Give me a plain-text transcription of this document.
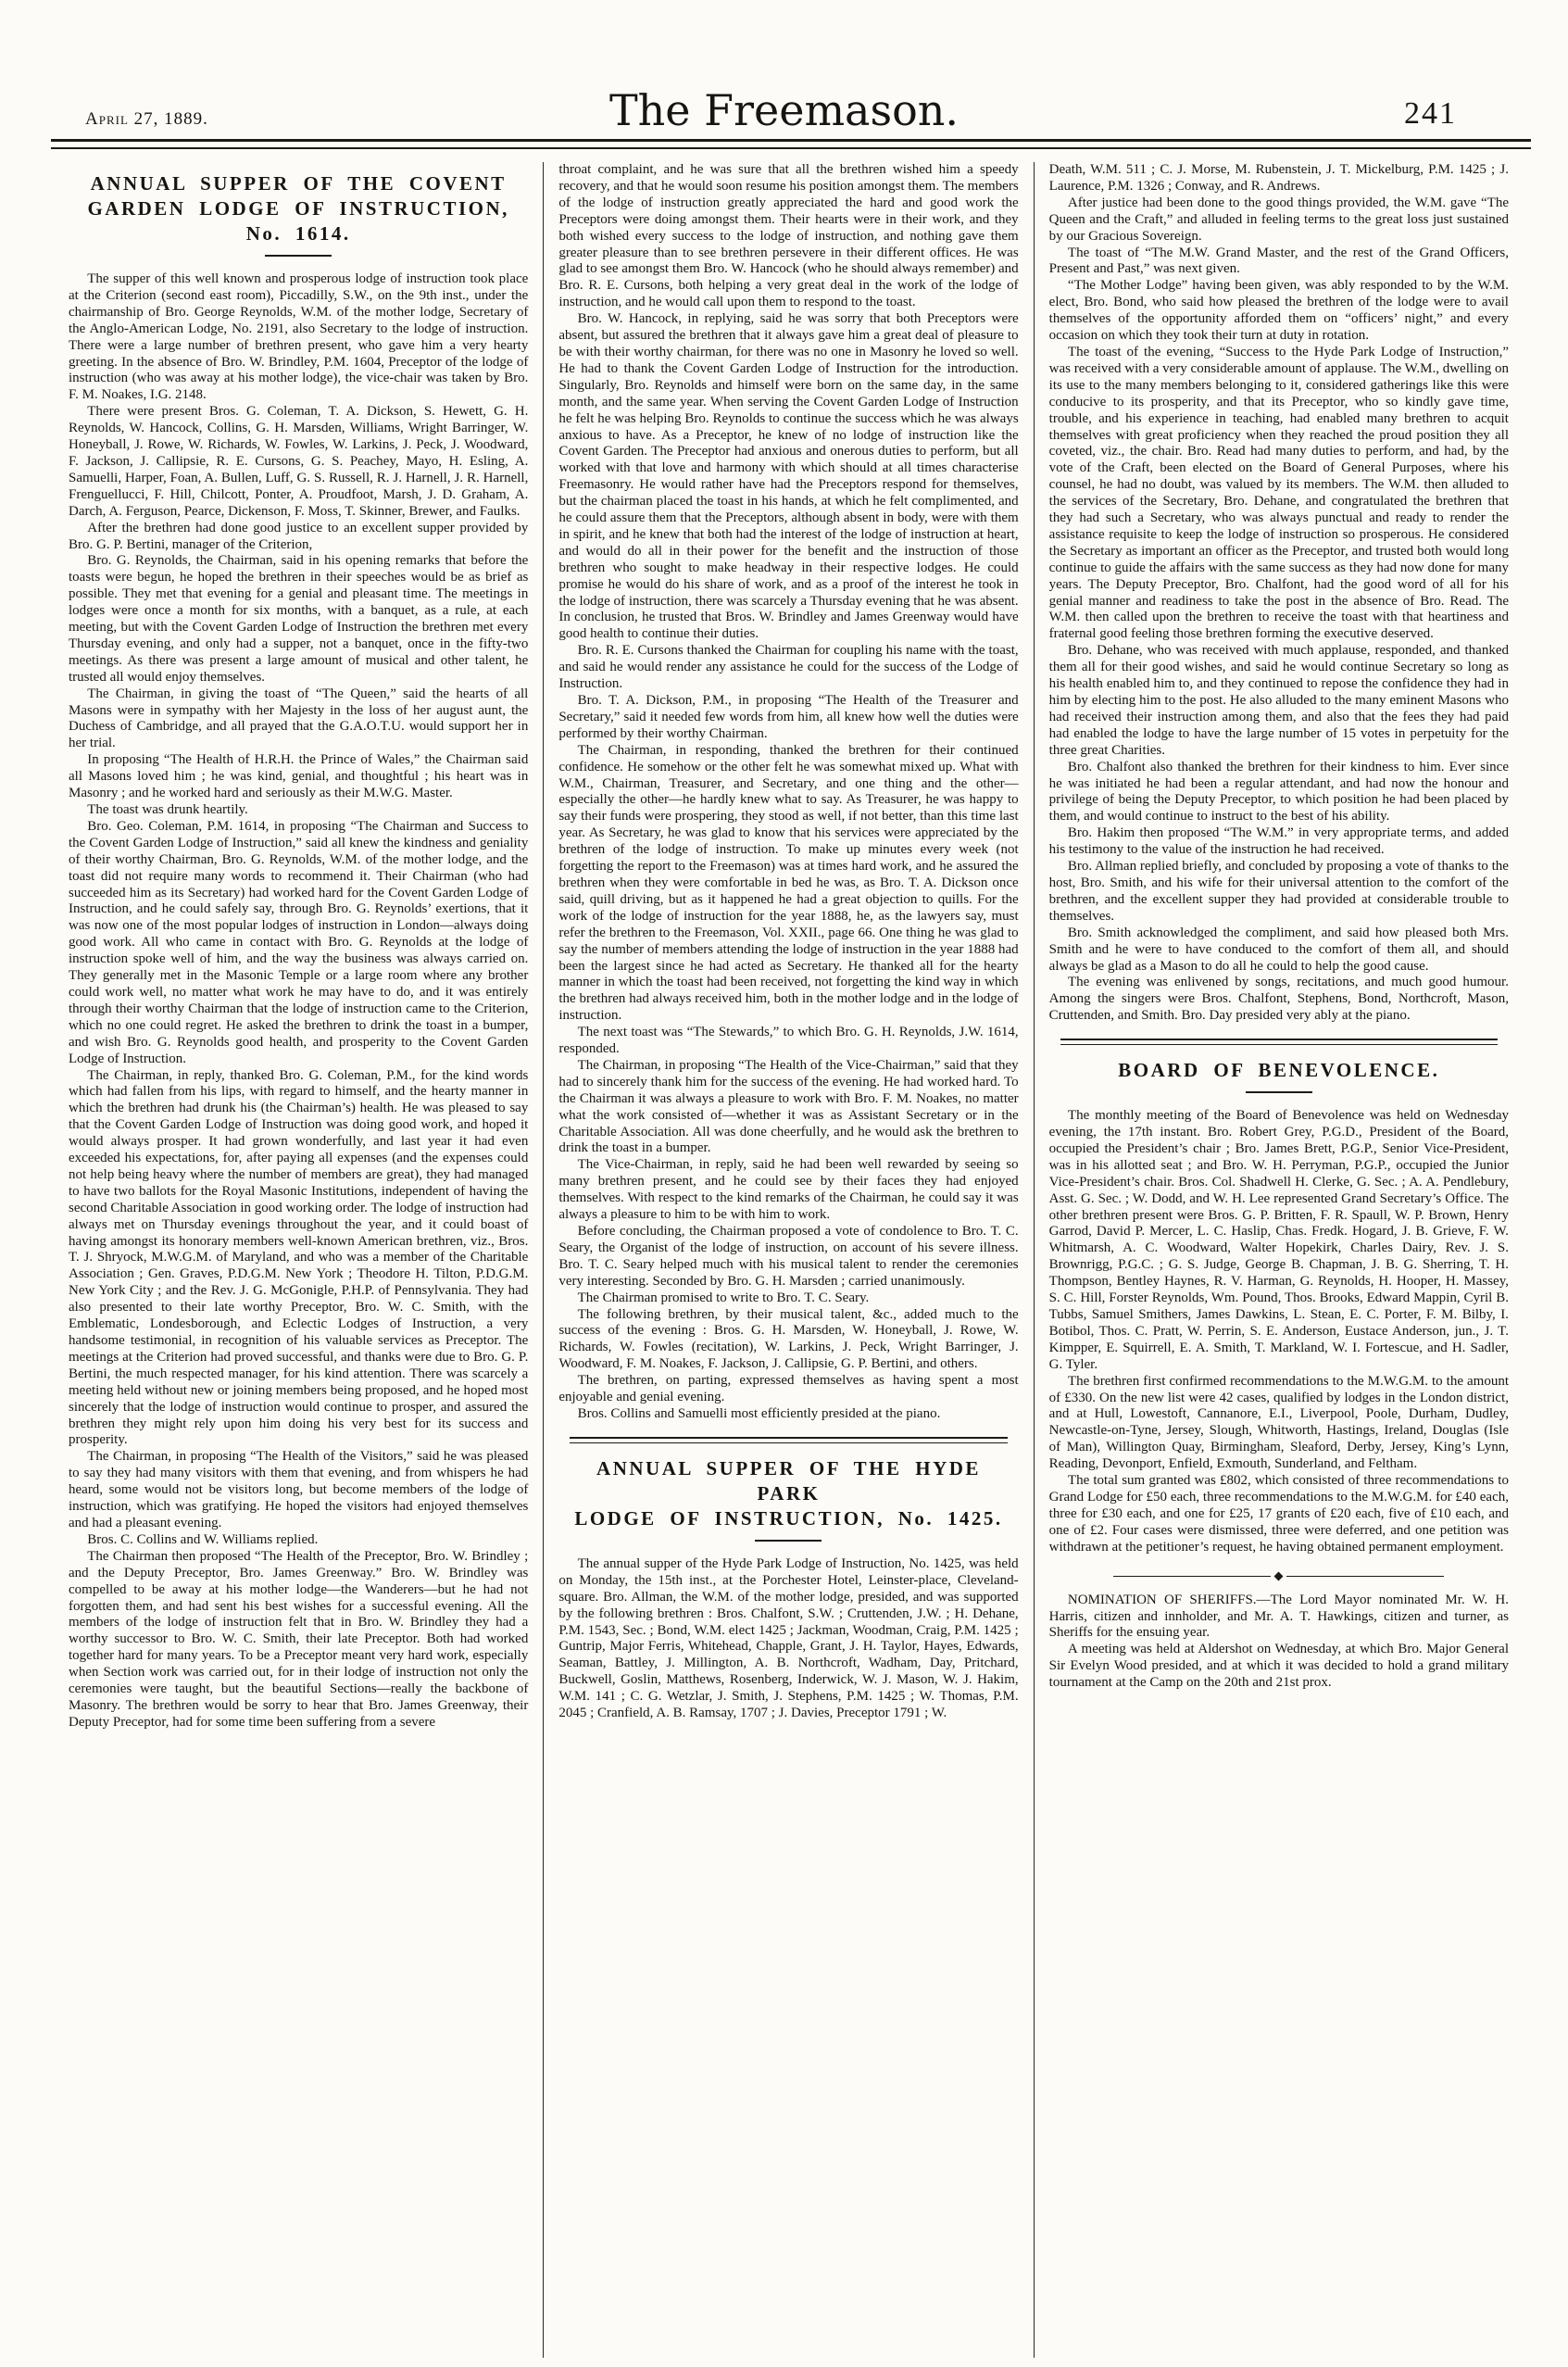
April 27, 1889.	The Freemason.	241
ANNUAL SUPPER OF THE COVENT
GARDEN LODGE OF INSTRUCTION,
No. 1614.

The supper of this well known and prosperous lodge of instruction took place at the Criterion (second east room), Piccadilly, S.W., on the 9th inst., under the chairmanship of Bro. George Reynolds, W.M. of the mother lodge, Secretary of the Anglo-American Lodge, No. 2191, also Secretary to the lodge of instruction. There were a large number of brethren present, who gave him a very hearty greeting. In the absence of Bro. W. Brindley, P.M. 1604, Preceptor of the lodge of instruction (who was away at his mother lodge), the vice-chair was taken by Bro. F. M. Noakes, I.G. 2148.

There were present Bros. G. Coleman, T. A. Dickson, S. Hewett, G. H. Reynolds, W. Hancock, Collins, G. H. Marsden, Williams, Wright Barringer, W. Honeyball, J. Rowe, W. Richards, W. Fowles, W. Larkins, J. Peck, J. Woodward, F. Jackson, J. Callipsie, R. E. Cursons, G. S. Peachey, Mayo, H. Esling, A. Samuelli, Harper, Foan, A. Bullen, Luff, G. S. Russell, R. J. Harnell, J. R. Harnell, Frenguellucci, F. Hill, Chilcott, Ponter, A. Proudfoot, Marsh, J. D. Graham, A. Darch, A. Ferguson, Pearce, Dickenson, F. Moss, T. Skinner, Brewer, and Faulks.

After the brethren had done good justice to an excellent supper provided by Bro. G. P. Bertini, manager of the Criterion,

Bro. G. Reynolds, the Chairman, said in his opening remarks that before the toasts were begun, he hoped the brethren in their speeches would be as brief as possible. They met that evening for a genial and pleasant time. The meetings in lodges were once a month for six months, with a banquet, as a rule, at each meeting, but with the Covent Garden Lodge of Instruction the brethren met every Thursday evening, and only had a supper, not a banquet, once in the fifty-two meetings. As there was present a large amount of musical and other talent, he trusted all would enjoy themselves.

The Chairman, in giving the toast of “The Queen,” said the hearts of all Masons were in sympathy with her Majesty in the loss of her august aunt, the Duchess of Cambridge, and all prayed that the G.A.O.T.U. would support her in her trial.

In proposing “The Health of H.R.H. the Prince of Wales,” the Chairman said all Masons loved him ; he was kind, genial, and thoughtful ; his heart was in Masonry ; and he worked hard and seriously as their M.W.G. Master.

The toast was drunk heartily.

Bro. Geo. Coleman, P.M. 1614, in proposing “The Chairman and Success to the Covent Garden Lodge of Instruction,” said all knew the kindness and geniality of their worthy Chairman, Bro. G. Reynolds, W.M. of the mother lodge, and the toast did not require many words to recommend it. Their Chairman (who had succeeded him as its Secretary) had worked hard for the Covent Garden Lodge of Instruction, and he could safely say, through Bro. G. Reynolds’ exertions, that it was now one of the most popular lodges of instruction in London—always doing good work. All who came in contact with Bro. G. Reynolds at the lodge of instruction spoke well of him, and the way the business was always carried on. They generally met in the Masonic Temple or a large room where any brother could work well, no matter what work he may have to do, and it was entirely through their worthy Chairman that the lodge of instruction came to the Criterion, which no one could regret. He asked the brethren to drink the toast in a bumper, and wish Bro. G. Reynolds good health, and prosperity to the Covent Garden Lodge of Instruction.

The Chairman, in reply, thanked Bro. G. Coleman, P.M., for the kind words which had fallen from his lips, with regard to himself, and the hearty manner in which the brethren had drunk his (the Chairman’s) health. He was pleased to say that the Covent Garden Lodge of Instruction was doing good work, and hoped it would always prosper. It had grown wonderfully, and last year it had even exceeded his expectations, for, after paying all expenses (and the expenses could not help being heavy where the number of members are great), they had managed to have two ballots for the Royal Masonic Institutions, independent of having the second Charitable Association in good working order. The lodge of instruction had always met on Thursday evenings throughout the year, and it could boast of having amongst its honorary members well-known American brethren, viz., Bros. T. J. Shryock, M.W.G.M. of Maryland, and who was a member of the Charitable Association ; Gen. Graves, P.D.G.M. New York ; Theodore H. Tilton, P.D.G.M. New York City ; and the Rev. J. G. McGonigle, P.H.P. of Pennsylvania. They had also presented to their late worthy Preceptor, Bro. W. C. Smith, with the Emblematic, Londesborough, and Eclectic Lodges of Instruction, a very handsome testimonial, in recognition of his valuable services as Preceptor. The meetings at the Criterion had proved successful, and thanks were due to Bro. G. P. Bertini, the much respected manager, for his kind attention. There was scarcely a meeting held without new or joining members being proposed, and he hoped most sincerely that the lodge of instruction would continue to prosper, and assured the brethren they might rely upon him doing his very best for its success and prosperity.

The Chairman, in proposing “The Health of the Visitors,” said he was pleased to say they had many visitors with them that evening, and from whispers he had heard, some would not be visitors long, but become members of the lodge of instruction, which was gratifying. He hoped the visitors had enjoyed themselves and had a pleasant evening.

Bros. C. Collins and W. Williams replied.

The Chairman then proposed “The Health of the Preceptor, Bro. W. Brindley ; and the Deputy Preceptor, Bro. James Greenway.” Bro. W. Brindley was compelled to be away at his mother lodge—the Wanderers—but he had not forgotten them, and had sent his best wishes for a successful evening. All the members of the lodge of instruction felt that in Bro. W. Brindley they had a worthy successor to Bro. W. C. Smith, their late Preceptor. Both had worked together hard for many years. To be a Preceptor meant very hard work, especially when Section work was carried out, for in their lodge of instruction not only the ceremonies were taught, but the beautiful Sections—really the backbone of Masonry. The brethren would be sorry to hear that Bro. James Greenway, their Deputy Preceptor, had for some time been suffering from a severe

throat complaint, and he was sure that all the brethren wished him a speedy recovery, and that he would soon resume his position amongst them. The members of the lodge of instruction greatly appreciated the hard and good work the Preceptors were doing amongst them. Their hearts were in their work, and they both wished every success to the lodge of instruction, and nothing gave them greater pleasure than to see brethren persevere in their different offices. He was glad to see amongst them Bro. W. Hancock (who he should always remember) and Bro. R. E. Cursons, both helping a very great deal in the work of the lodge of instruction, and he would call upon them to respond to the toast.

Bro. W. Hancock, in replying, said he was sorry that both Preceptors were absent, but assured the brethren that it always gave him a great deal of pleasure to be with their worthy chairman, for there was no one in Masonry he loved so well. He had to thank the Covent Garden Lodge of Instruction for the introduction. Singularly, Bro. Reynolds and himself were born on the same day, in the same month, and the same year. When serving the Covent Garden Lodge of Instruction he felt he was helping Bro. Reynolds to continue the success which he was always anxious to have. As a Preceptor, he knew of no lodge of instruction like the Covent Garden. The Preceptor had anxious and onerous duties to perform, but all worked with that love and harmony with which should at all times characterise Freemasonry. He would rather have had the Preceptors respond for themselves, but the chairman placed the toast in his hands, at which he felt complimented, and he could assure them that the Preceptors, although absent in body, were with them in spirit, and he knew that both had the interest of the lodge of instruction at heart, and would do all in their power for the benefit and the instruction of those brethren who sought to make headway in their respective lodges. He could promise he would do his share of work, and as a proof of the interest he took in the lodge of instruction, there was scarcely a Thursday evening that he was absent. In conclusion, he trusted that Bros. W. Brindley and James Greenway would have good health to continue their duties.

Bro. R. E. Cursons thanked the Chairman for coupling his name with the toast, and said he would render any assistance he could for the success of the Lodge of Instruction.

Bro. T. A. Dickson, P.M., in proposing “The Health of the Treasurer and Secretary,” said it needed few words from him, all knew how well the duties were performed by their worthy Chairman.

The Chairman, in responding, thanked the brethren for their continued confidence. He somehow or the other felt he was somewhat mixed up. What with W.M., Chairman, Treasurer, and Secretary, and one thing and the other—especially the other—he hardly knew what to say. As Treasurer, he was happy to say their funds were prospering, they stood as well, if not better, than this time last year. As Secretary, he was glad to know that his services were appreciated by the brethren of the lodge of instruction. To make up minutes every week (not forgetting the report to the Freemason) was at times hard work, and he assured the brethren when they were comfortable in bed he was, as Bro. T. A. Dickson once said, quill driving, but as it happened he had a great objection to quills. For the work of the lodge of instruction for the year 1888, he, as the lawyers say, must refer the brethren to the Freemason, Vol. XXII., page 66. One thing he was glad to say the number of members attending the lodge of instruction in the year 1888 had been the largest since he had acted as Secretary. He thanked all for the hearty manner in which the toast had been received, not forgetting the kind way in which the brethren had always received him, both in the mother lodge and in the lodge of instruction.

The next toast was “The Stewards,” to which Bro. G. H. Reynolds, J.W. 1614, responded.

The Chairman, in proposing “The Health of the Vice-Chairman,” said that they had to sincerely thank him for the success of the evening. He had worked hard. To the Chairman it was always a pleasure to work with Bro. F. M. Noakes, no matter what the work consisted of—whether it was as Assistant Secretary or in the Charitable Association. All was done cheerfully, and he would ask the brethren to drink the toast in a bumper.

The Vice-Chairman, in reply, said he had been well rewarded by seeing so many brethren present, and he could see by their faces they had enjoyed themselves. With respect to the kind remarks of the Chairman, he could say it was always a pleasure to him to be with him to work.

Before concluding, the Chairman proposed a vote of condolence to Bro. T. C. Seary, the Organist of the lodge of instruction, on account of his severe illness. Bro. T. C. Seary helped much with his musical talent to render the ceremonies very interesting. Seconded by Bro. G. H. Marsden ; carried unanimously.

The Chairman promised to write to Bro. T. C. Seary.

The following brethren, by their musical talent, &c., added much to the success of the evening : Bros. G. H. Marsden, W. Honeyball, J. Rowe, W. Richards, W. Fowles (recitation), W. Larkins, J. Peck, Wright Barringer, J. Woodward, F. M. Noakes, F. Jackson, J. Callipsie, G. P. Bertini, and others.

The brethren, on parting, expressed themselves as having spent a most enjoyable and genial evening.

Bros. Collins and Samuelli most efficiently presided at the piano.

ANNUAL SUPPER OF THE HYDE PARK
LODGE OF INSTRUCTION, No. 1425.

The annual supper of the Hyde Park Lodge of Instruction, No. 1425, was held on Monday, the 15th inst., at the Porchester Hotel, Leinster-place, Cleveland-square. Bro. Allman, the W.M. of the mother lodge, presided, and was supported by the following brethren : Bros. Chalfont, S.W. ; Cruttenden, J.W. ; H. Dehane, P.M. 1543, Sec. ; Bond, W.M. elect 1425 ; Jackman, Woodman, Craig, P.M. 1425 ; Guntrip, Major Ferris, Whitehead, Chapple, Grant, J. H. Taylor, Hayes, Edwards, Seaman, Battley, J. Millington, A. B. Northcroft, Wadham, Day, Pritchard, Buckwell, Goslin, Matthews, Rosenberg, Inderwick, W. J. Mason, W. J. Hakim, W.M. 141 ; C. G. Wetzlar, J. Smith, J. Stephens, P.M. 1425 ; W. Thomas, P.M. 2045 ; Cranfield, A. B. Ramsay, 1707 ; J. Davies, Preceptor 1791 ; W.

Death, W.M. 511 ; C. J. Morse, M. Rubenstein, J. T. Mickelburg, P.M. 1425 ; J. Laurence, P.M. 1326 ; Conway, and R. Andrews.

After justice had been done to the good things provided, the W.M. gave “The Queen and the Craft,” and alluded in feeling terms to the great loss just sustained by our Gracious Sovereign.

The toast of “The M.W. Grand Master, and the rest of the Grand Officers, Present and Past,” was next given.

“The Mother Lodge” having been given, was ably responded to by the W.M. elect, Bro. Bond, who said how pleased the brethren of the lodge were to avail themselves of the opportunity afforded them on “officers’ night,” and every occasion on which they took their turn at duty in rotation.

The toast of the evening, “Success to the Hyde Park Lodge of Instruction,” was received with a very considerable amount of applause. The W.M., dwelling on its use to the many members belonging to it, considered gatherings like this were conducive to its prosperity, and that its Preceptor, who so kindly gave time, trouble, and his experience in teaching, had enabled many brethren to acquit themselves with great proficiency when they reached the proud position they all coveted, viz., the chair. Bro. Read had many duties to perform, and had, by the vote of the Craft, been elected on the Board of General Purposes, where his counsel, he had no doubt, was valued by its members. The W.M. then alluded to the services of the Secretary, Bro. Dehane, and congratulated the brethren that they had such a Secretary, who was always punctual and ready to render the assistance requisite to keep the lodge of instruction so prosperous. He considered the Secretary as important an officer as the Preceptor, and trusted both would long continue to guide the affairs with the same success as they had now done for many years. The Deputy Preceptor, Bro. Chalfont, had the good word of all for his genial manner and readiness to take the post in the absence of Bro. Read. The W.M. then called upon the brethren to receive the toast with that heartiness and fraternal good feeling those brethren forming the executive deserved.

Bro. Dehane, who was received with much applause, responded, and thanked them all for their good wishes, and said he would continue Secretary so long as his health enabled him to, and they continued to repose the confidence they had in him by electing him to the post. He also alluded to the many eminent Masons who had received their instruction among them, and also that the fees they had paid had enabled the lodge to have the large number of 15 votes in perpetuity for the three great Charities.

Bro. Chalfont also thanked the brethren for their kindness to him. Ever since he was initiated he had been a regular attendant, and had now the honour and privilege of being the Deputy Preceptor, to which position he had been placed by them, and would continue to instruct to the best of his ability.

Bro. Hakim then proposed “The W.M.” in very appropriate terms, and added his testimony to the value of the instruction he had received.

Bro. Allman replied briefly, and concluded by proposing a vote of thanks to the host, Bro. Smith, and his wife for their universal attention to the comfort of the brethren, and the excellent supper they had provided at considerable trouble to themselves.

Bro. Smith acknowledged the compliment, and said how pleased both Mrs. Smith and he were to have conduced to the comfort of them all, and should always be glad as a Mason to do all he could to help the good cause.

The evening was enlivened by songs, recitations, and much good humour. Among the singers were Bros. Chalfont, Stephens, Bond, Northcroft, Mason, Cruttenden, and Smith. Bro. Day presided very ably at the piano.

BOARD OF BENEVOLENCE.

The monthly meeting of the Board of Benevolence was held on Wednesday evening, the 17th instant. Bro. Robert Grey, P.G.D., President of the Board, occupied the President’s chair ; Bro. James Brett, P.G.P., Senior Vice-President, was in his allotted seat ; and Bro. W. H. Perryman, P.G.P., occupied the Junior Vice-President’s chair. Bros. Col. Shadwell H. Clerke, G. Sec. ; A. A. Pendlebury, Asst. G. Sec. ; W. Dodd, and W. H. Lee represented Grand Secretary’s Office. The other brethren present were Bros. G. P. Britten, F. R. Spaull, W. P. Brown, Henry Garrod, David P. Mercer, L. C. Haslip, Chas. Fredk. Hogard, J. B. Grieve, F. W. Whitmarsh, A. C. Woodward, Walter Hopekirk, Charles Dairy, Rev. J. S. Brownrigg, P.G.C. ; G. S. Judge, George B. Chapman, J. B. G. Sherring, T. H. Thompson, Bentley Haynes, R. V. Harman, G. Reynolds, H. Hooper, H. Massey, S. C. Hill, Forster Reynolds, Wm. Pound, Thos. Brooks, Edward Mappin, Cyril B. Tubbs, Samuel Smithers, James Dawkins, L. Stean, E. C. Porter, F. M. Bilby, I. Botibol, Thos. C. Pratt, W. Perrin, S. E. Anderson, Eustace Anderson, jun., J. T. Kimpper, E. Squirrell, E. A. Smith, T. Markland, W. I. Fortescue, and H. Sadler, G. Tyler.

The brethren first confirmed recommendations to the M.W.G.M. to the amount of £330. On the new list were 42 cases, qualified by lodges in the London district, and at Hull, Lowestoft, Cannanore, E.I., Liverpool, Poole, Durham, Dudley, Newcastle-on-Tyne, Jersey, Slough, Whitworth, Hastings, Ireland, Douglas (Isle of Man), Willington Quay, Birmingham, Sleaford, Derby, Jersey, King’s Lynn, Reading, Devonport, Enfield, Exmouth, Sunderland, and Feltham.

The total sum granted was £802, which consisted of three recommendations to Grand Lodge for £50 each, three recommendations to the M.W.G.M. for £40 each, three for £30 each, and one for £25, 17 grants of £20 each, five of £10 each, and one of £2. Four cases were dismissed, three were deferred, and one petition was withdrawn at the petitioner’s request, he having obtained permanent employment.

NOMINATION OF SHERIFFS.—The Lord Mayor nominated Mr. W. H. Harris, citizen and innholder, and Mr. A. T. Hawkings, citizen and turner, as Sheriffs for the ensuing year.

A meeting was held at Aldershot on Wednesday, at which Bro. Major General Sir Evelyn Wood presided, and at which it was decided to hold a grand military tournament at the Camp on the 20th and 21st prox.
